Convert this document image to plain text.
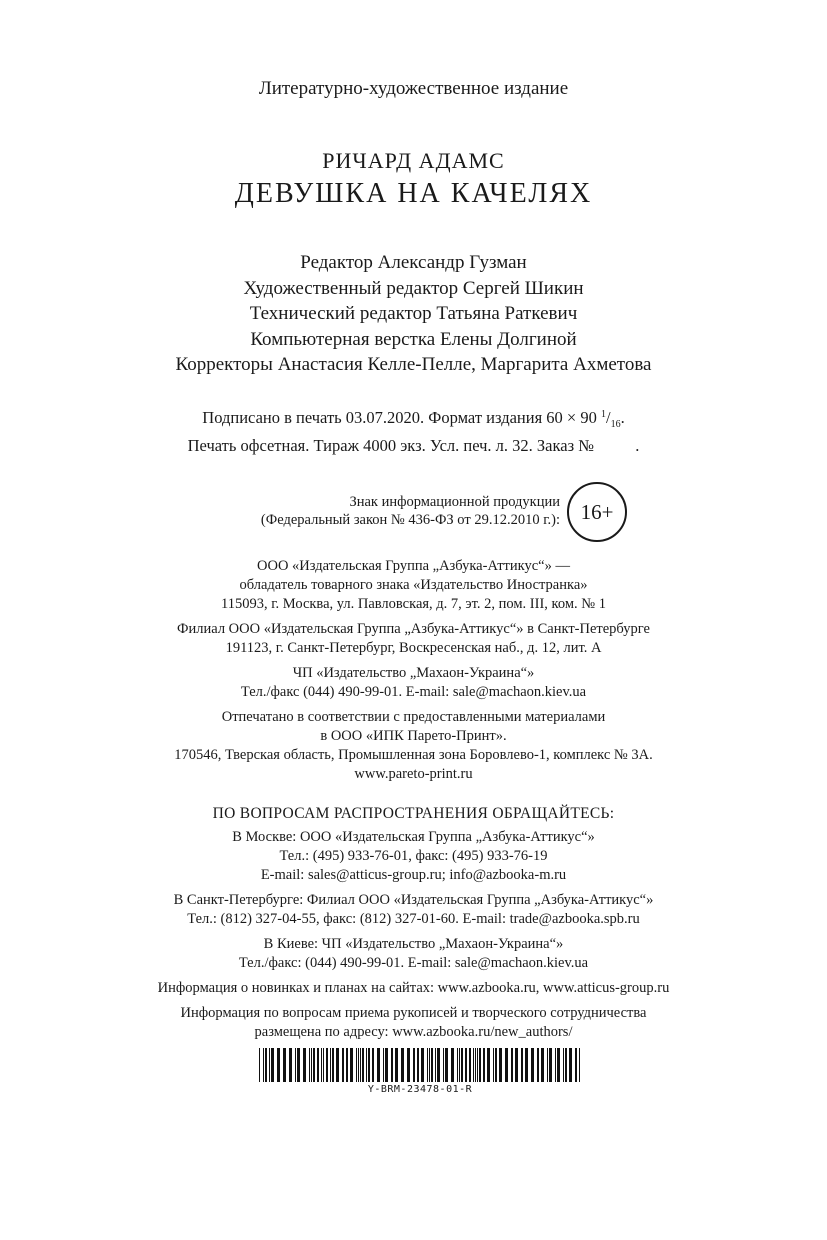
Литературно-художественное издание
РИЧАРД АДАМС
ДЕВУШКА НА КАЧЕЛЯХ
Редактор Александр Гузман
Художественный редактор Сергей Шикин
Технический редактор Татьяна Раткевич
Компьютерная верстка Елены Долгиной
Корректоры Анастасия Келле-Пелле, Маргарита Ахметова
Подписано в печать 03.07.2020. Формат издания 60 × 90 $^1/_{16}$.
Печать офсетная. Тираж 4000 экз. Усл. печ. л. 32. Заказ №          .
Знак информационной продукции
(Федеральный закон № 436-ФЗ от 29.12.2010 г.): 16+

ООО «Издательская Группа „Азбука-Аттикус“» —
обладатель товарного знака «Издательство Иностранка»
115093, г. Москва, ул. Павловская, д. 7, эт. 2, пом. III, ком. № 1

Филиал ООО «Издательская Группа „Азбука-Аттикус“» в Санкт-Петербурге
191123, г. Санкт-Петербург, Воскресенская наб., д. 12, лит. А

ЧП «Издательство „Махаон-Украина“»
Тел./факс (044) 490-99-01. E-mail: sale@machaon.kiev.ua

Отпечатано в соответствии с предоставленными материалами
в ООО «ИПК Парето-Принт».
170546, Тверская область, Промышленная зона Боровлево-1, комплекс № 3А.
www.pareto-print.ru

ПО ВОПРОСАМ РАСПРОСТРАНЕНИЯ ОБРАЩАЙТЕСЬ:

В Москве: ООО «Издательская Группа „Азбука-Аттикус“»
Тел.: (495) 933-76-01, факс: (495) 933-76-19
E-mail: sales@atticus-group.ru; info@azbooka-m.ru

В Санкт-Петербурге: Филиал ООО «Издательская Группа „Азбука-Аттикус“»
Тел.: (812) 327-04-55, факс: (812) 327-01-60. E-mail: trade@azbooka.spb.ru

В Киеве: ЧП «Издательство „Махаон-Украина“»
Тел./факс: (044) 490-99-01. E-mail: sale@machaon.kiev.ua

Информация о новинках и планах на сайтах: www.azbooka.ru, www.atticus-group.ru

Информация по вопросам приема рукописей и творческого сотрудничества
размещена по адресу: www.azbooka.ru/new_authors/

Y-BRM-23478-01-R
